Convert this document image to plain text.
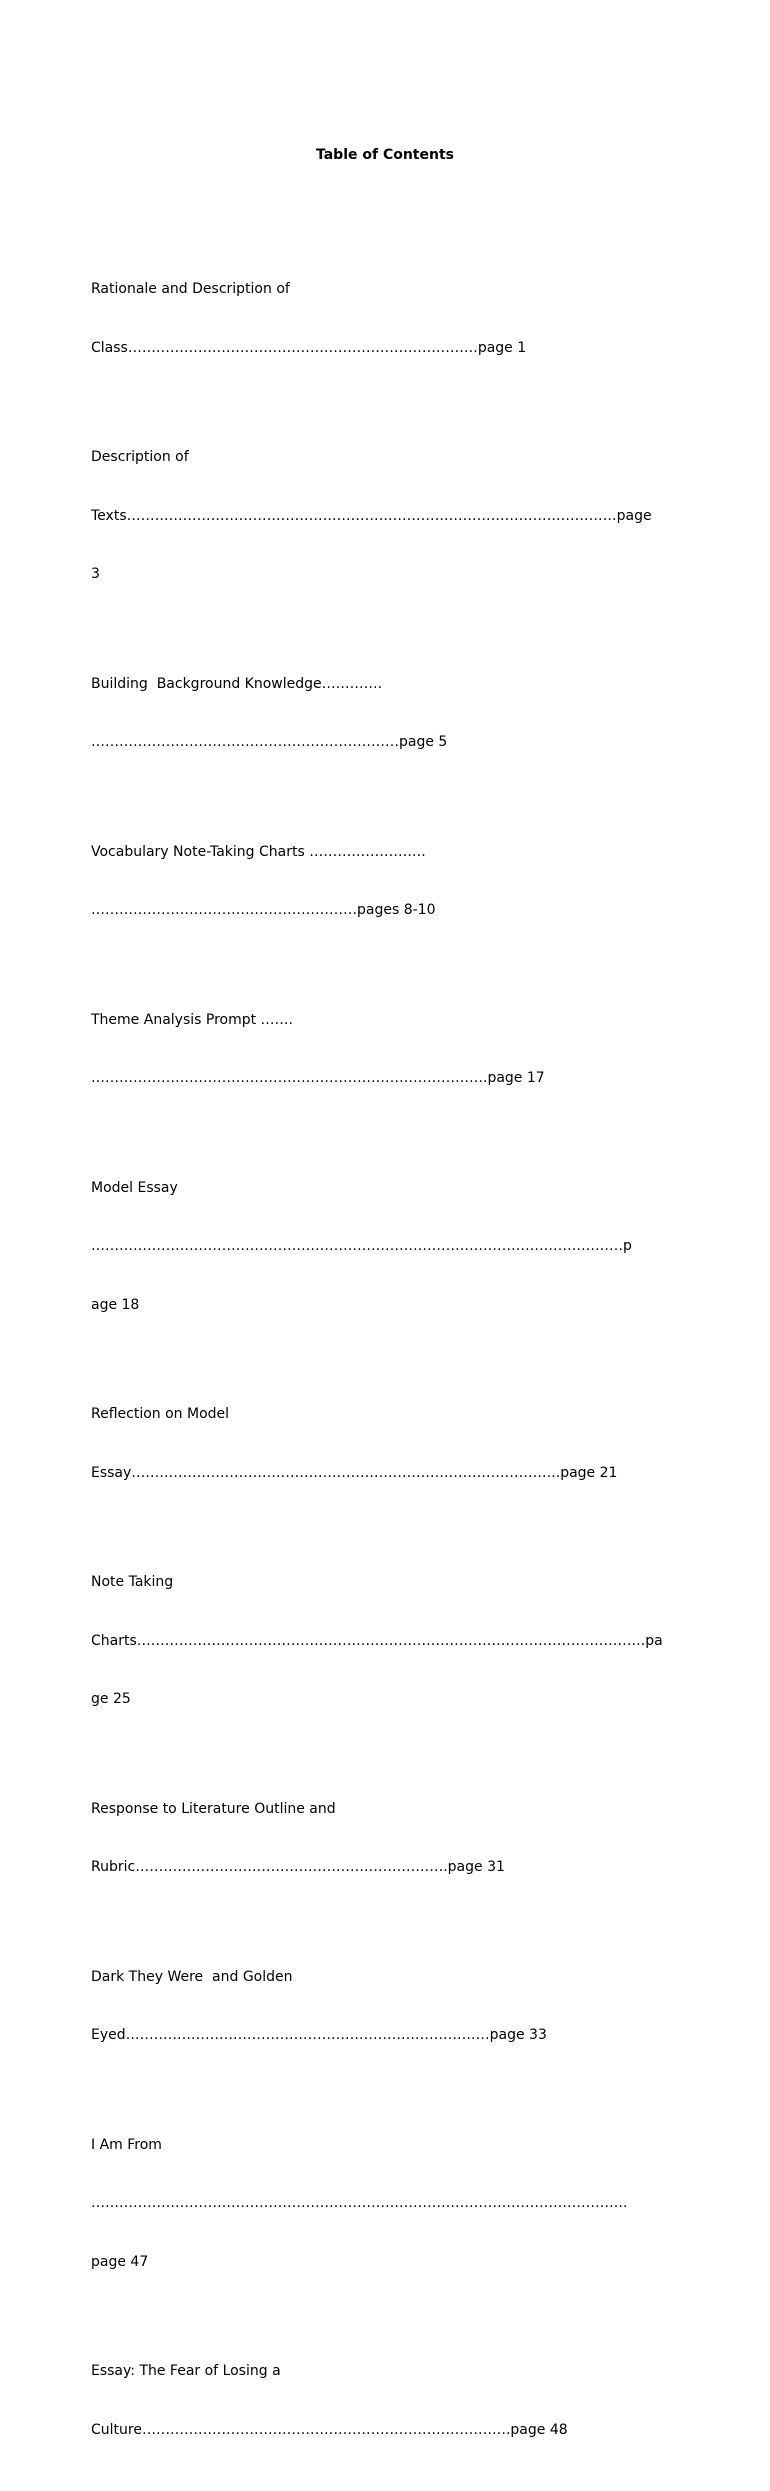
Table of Contents

Rationale and Description of

Class…………………………………………………………………page 1

Description of

Texts……………………………………………………………………………………………page

3

Building  Background Knowledge………….

…………………………………………………………page 5

Vocabulary Note-Taking Charts …………………….

…………………………………………………pages 8-10

Theme Analysis Prompt …….

………………………………………………………………………….page 17

Model Essay

……………………………………………………………………………………………………p

age 18

Reflection on Model

Essay………………………………………………………………………………..page 21

Note Taking

Charts……………………………………………………………………………………………….pa

ge 25

Response to Literature Outline and

Rubric………………………………………………………….page 31

Dark They Were  and Golden

Eyed……………………………………………………………………page 33

I Am From

…………………………………………………………………………………………………….

page 47

Essay: The Fear of Losing a

Culture…………………………………………………………………….page 48
